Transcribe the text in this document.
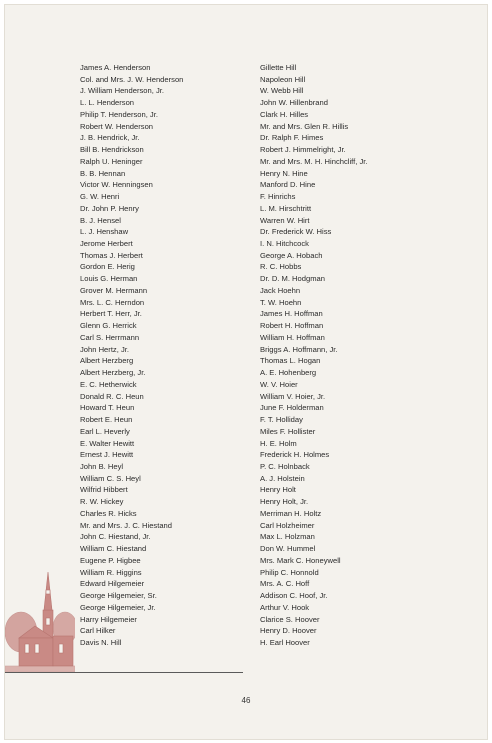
James A. Henderson
Col. and Mrs. J. W. Henderson
J. William Henderson, Jr.
L. L. Henderson
Philip T. Henderson, Jr.
Robert W. Henderson
J. B. Hendrick, Jr.
Bill B. Hendrickson
Ralph U. Heninger
B. B. Hennan
Victor W. Henningsen
G. W. Henri
Dr. John P. Henry
B. J. Hensel
L. J. Henshaw
Jerome Herbert
Thomas J. Herbert
Gordon E. Herig
Louis G. Herman
Grover M. Hermann
Mrs. L. C. Herndon
Herbert T. Herr, Jr.
Glenn G. Herrick
Carl S. Herrmann
John Hertz, Jr.
Albert Herzberg
Albert Herzberg, Jr.
E. C. Hetherwick
Donald R. C. Heun
Howard T. Heun
Robert E. Heun
Earl L. Heverly
E. Walter Hewitt
Ernest J. Hewitt
John B. Heyl
William C. S. Heyl
Wilfrid Hibbert
R. W. Hickey
Charles R. Hicks
Mr. and Mrs. J. C. Hiestand
John C. Hiestand, Jr.
William C. Hiestand
Eugene P. Higbee
William R. Higgins
Edward Hilgemeier
George Hilgemeier, Sr.
George Hilgemeier, Jr.
Harry Hilgemeier
Carl Hilker
Davis N. Hill
Gillette Hill
Napoleon Hill
W. Webb Hill
John W. Hillenbrand
Clark H. Hilles
Mr. and Mrs. Glen R. Hillis
Dr. Ralph F. Himes
Robert J. Himmelright, Jr.
Mr. and Mrs. M. H. Hinchcliff, Jr.
Henry N. Hine
Manford D. Hine
F. Hinrichs
L. M. Hirschtritt
Warren W. Hirt
Dr. Frederick W. Hiss
I. N. Hitchcock
George A. Hobach
R. C. Hobbs
Dr. D. M. Hodgman
Jack Hoehn
T. W. Hoehn
James H. Hoffman
Robert H. Hoffman
William H. Hoffman
Briggs A. Hoffmann, Jr.
Thomas L. Hogan
A. E. Hohenberg
W. V. Hoier
William V. Hoier, Jr.
June F. Holderman
F. T. Holliday
Miles F. Hollister
H. E. Holm
Frederick H. Holmes
P. C. Holnback
A. J. Holstein
Henry Holt
Henry Holt, Jr.
Merriman H. Holtz
Carl Holzheimer
Max L. Holzman
Don W. Hummel
Mrs. Mark C. Honeywell
Philip C. Honnold
Mrs. A. C. Hoff
Addison C. Hoof, Jr.
Arthur V. Hook
Clarice S. Hoover
Henry D. Hoover
H. Earl Hoover
46
